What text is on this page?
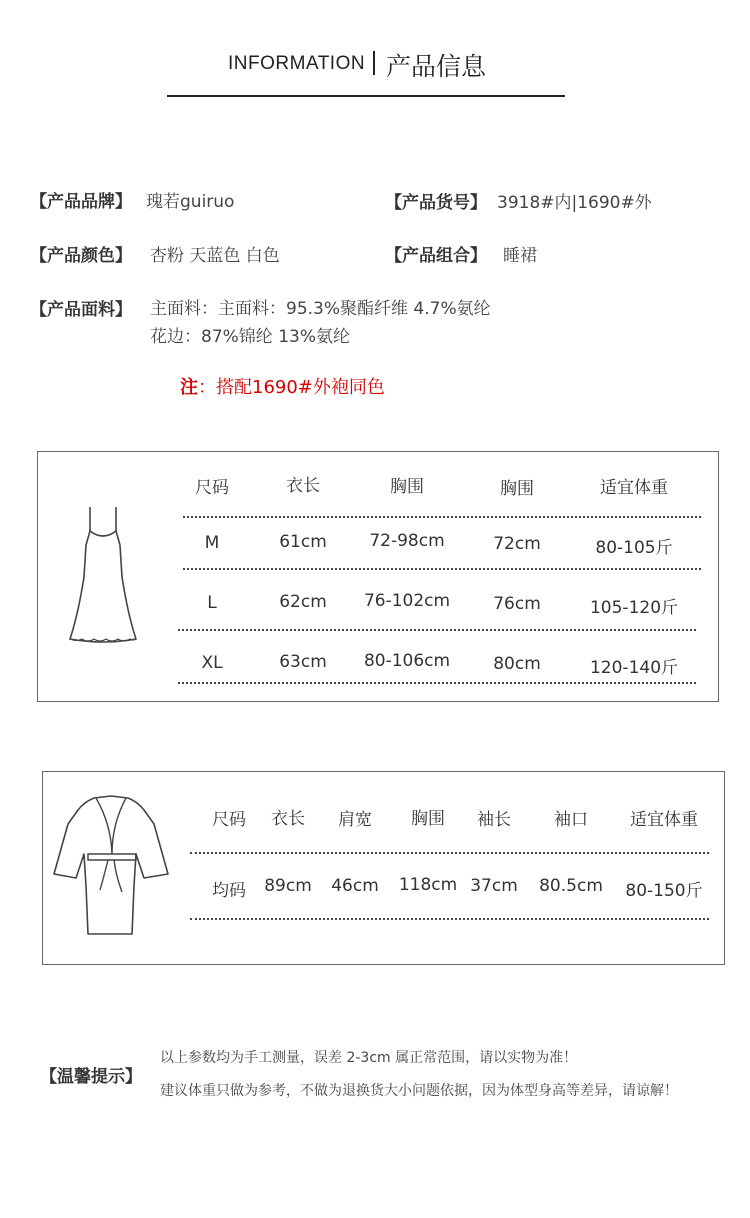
INFORMATION 产品信息
【产品品牌】 瑰若guiruo	【产品货号】 3918#内|1690#外
【产品颜色】 杏粉 天蓝色 白色	【产品组合】 睡裙
【产品面料】 主面料：主面料：95.3%聚酯纤维 4.7%氨纶
花边：87%锦纶 13%氨纶
注：搭配1690#外袍同色
尺码	衣长	胸围	胸围	适宜体重
M	61cm	72-98cm	72cm	80-105斤
L	62cm 76-102cm	76cm	105-120斤
XL	63cm 80-106cm	80cm	120-140斤
尺码 衣长 肩宽 胸围 袖长	袖口 适宜体重
均码 89cm 46cm 118cm 37cm 80.5cm 80-150斤
【温馨提示】
以上参数均为手工测量，误差 2-3cm 属正常范围，请以实物为准！
建议体重只做为参考，不做为退换货大小问题依据，因为体型身高等差异，请谅解！
